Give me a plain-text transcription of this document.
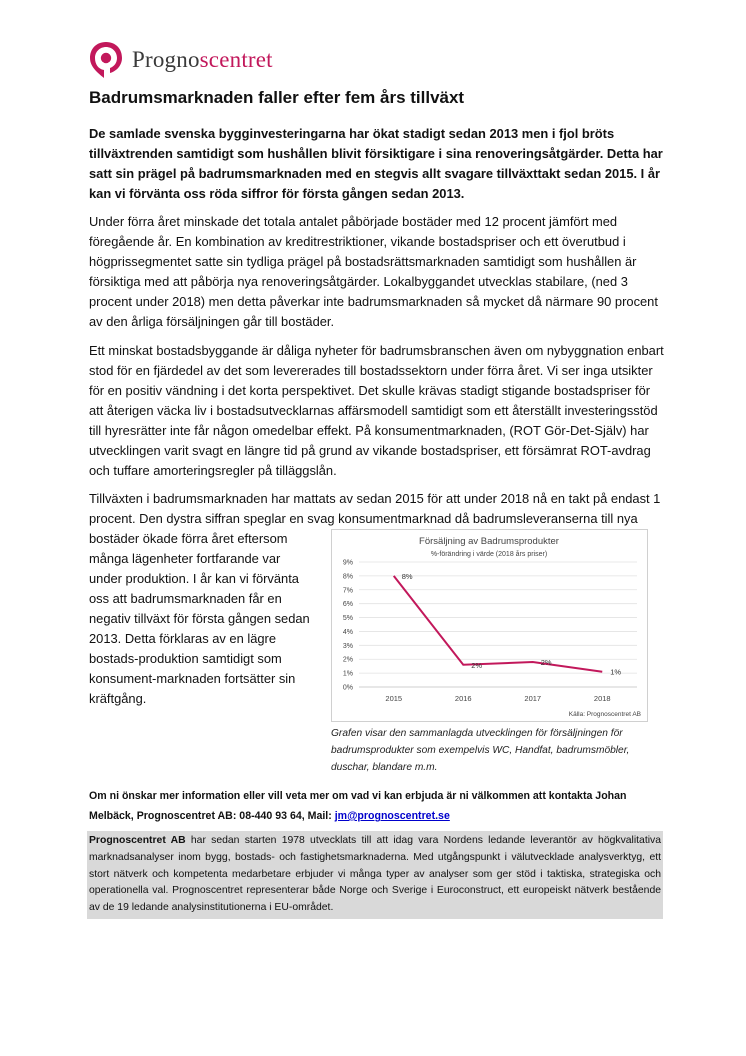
Prognoscentret
Badrumsmarknaden faller efter fem års tillväxt

De samlade svenska bygginvesteringarna har ökat stadigt sedan 2013 men i fjol bröts tillväxtrenden samtidigt som hushållen blivit försiktigare i sina renoveringsåtgärder. Detta har satt sin prägel på badrumsmarknaden med en stegvis allt svagare tillväxttakt sedan 2015. I år kan vi förvänta oss röda siffror för första gången sedan 2013.

Under förra året minskade det totala antalet påbörjade bostäder med 12 procent jämfört med föregående år. En kombination av kreditrestriktioner, vikande bostadspriser och ett överutbud i högprissegmentet satte sin tydliga prägel på bostadsrättsmarknaden samtidigt som hushållen är försiktiga med att påbörja nya renoveringsåtgärder. Lokalbyggandet utvecklas stabilare, (ned 3 procent under 2018) men detta påverkar inte badrumsmarknaden så mycket då närmare 90 procent av den årliga försäljningen går till bostäder.

Ett minskat bostadsbyggande är dåliga nyheter för badrumsbranschen även om nybyggnation enbart stod för en fjärdedel av det som levererades till bostadssektorn under förra året. Vi ser inga utsikter för en positiv vändning i det korta perspektivet. Det skulle krävas stadigt stigande bostadspriser för att återigen väcka liv i bostadsutvecklarnas affärsmodell samtidigt som ett återställt investeringsstöd till hyresrätter inte får någon omedelbar effekt. På konsumentmarknaden, (ROT Gör-Det-Själv) har utvecklingen varit svagt en längre tid på grund av vikande bostadspriser, ett försämrat ROT-avdrag och tuffare amorteringsregler på tilläggslån.

Tillväxten i badrumsmarknaden har mattats av sedan 2015 för att under 2018 nå en takt på endast 1 procent. Den dystra siffran speglar en svag konsumentmarknad då badrumsleveranserna till nya

bostäder ökade förra året eftersom många lägenheter fortfarande var under produktion. I år kan vi förvänta oss att badrumsmarknaden får en negativ tillväxt för första gången sedan 2013. Detta förklaras av en lägre bostads-produktion samtidigt som konsument-marknaden fortsätter sin kräftgång.

Försäljning av Badrumsprodukter
%-förändring i värde (2018 års priser)
0%
1%
2%
3%
4%
5%
6%
7%
8%
9%
2015	2016	2017	2018
8%
2%	2%
1%
Källa: Prognoscentret AB

Grafen visar den sammanlagda utvecklingen för försäljningen för badrumsprodukter som exempelvis WC, Handfat, badrumsmöbler, duschar, blandare m.m.

Om ni önskar mer information eller vill veta mer om vad vi kan erbjuda är ni välkommen att kontakta Johan Melbäck, Prognoscentret AB: 08-440 93 64, Mail: jm@prognoscentret.se

Prognoscentret AB har sedan starten 1978 utvecklats till att idag vara Nordens ledande leverantör av högkvalitativa marknadsanalyser inom bygg, bostads- och fastighetsmarknaderna. Med utgångspunkt i välutvecklade analysverktyg, ett stort nätverk och kompetenta medarbetare erbjuder vi många typer av analyser som ger stöd i taktiska, strategiska och operationella val. Prognoscentret representerar både Norge och Sverige i Euroconstruct, ett europeiskt nätverk bestående av de 19 ledande analysinstitutionerna i EU-området.
